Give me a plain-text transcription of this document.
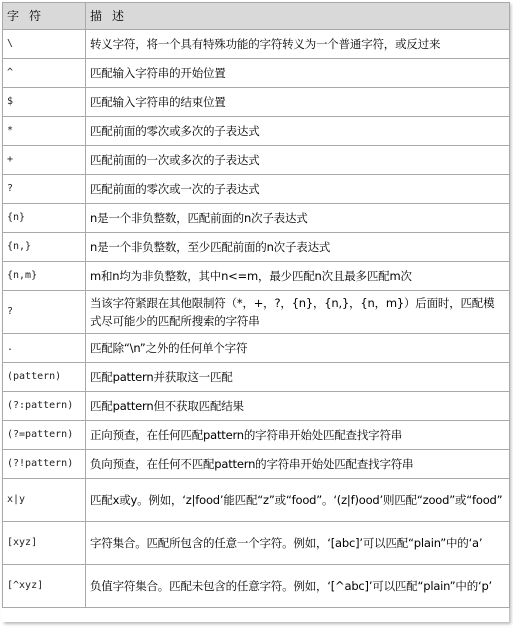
字符	描述
\	转义字符，将一个具有特殊功能的字符转义为一个普通字符，或反过来
^	匹配输入字符串的开始位置
$	匹配输入字符串的结束位置
*	匹配前面的零次或多次的子表达式
+	匹配前面的一次或多次的子表达式
?	匹配前面的零次或一次的子表达式
{n}	n是一个非负整数，匹配前面的n次子表达式
{n,}	n是一个非负整数，至少匹配前面的n次子表达式
{n,m}	m和n均为非负整数，其中n<=m，最少匹配n次且最多匹配m次
?	当该字符紧跟在其他限制符（*，+，?，{n}，{n,}，{n，m}）后面时，匹配模式尽可能少的匹配所搜索的字符串
.	匹配除“\n”之外的任何单个字符
(pattern)	匹配pattern并获取这一匹配
(?:pattern)	匹配pattern但不获取匹配结果
(?=pattern)	正向预查，在任何匹配pattern的字符串开始处匹配查找字符串
(?!pattern)	负向预查，在任何不匹配pattern的字符串开始处匹配查找字符串
x|y	匹配x或y。例如，‘z|food’能匹配“z”或“food”。‘(z|f)ood’则匹配“zood”或“food”
[xyz]	字符集合。匹配所包含的任意一个字符。例如，‘[abc]’可以匹配“plain”中的‘a’
[^xyz]	负值字符集合。匹配未包含的任意字符。例如，‘[^abc]’可以匹配“plain”中的‘p’
